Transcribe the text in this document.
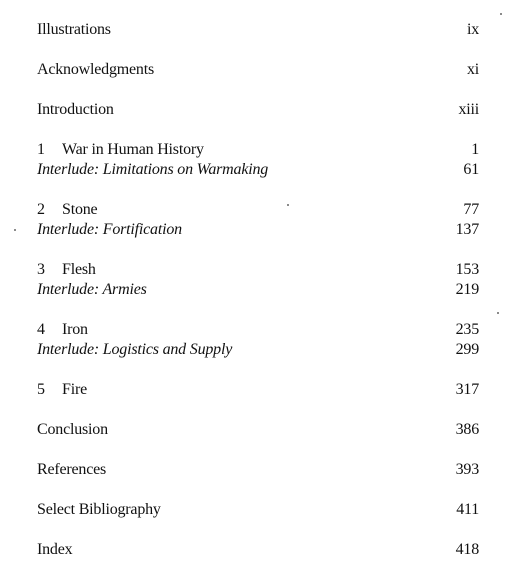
Illustrations	ix
Acknowledgments	xi
Introduction	xiii
1 War in Human History	1
Interlude: Limitations on Warmaking	61
2 Stone	77
Interlude: Fortification	137
3 Flesh	153
Interlude: Armies	219
4 Iron	235
Interlude: Logistics and Supply	299
5 Fire	317
Conclusion	386
References	393
Select Bibliography	411
Index	418
